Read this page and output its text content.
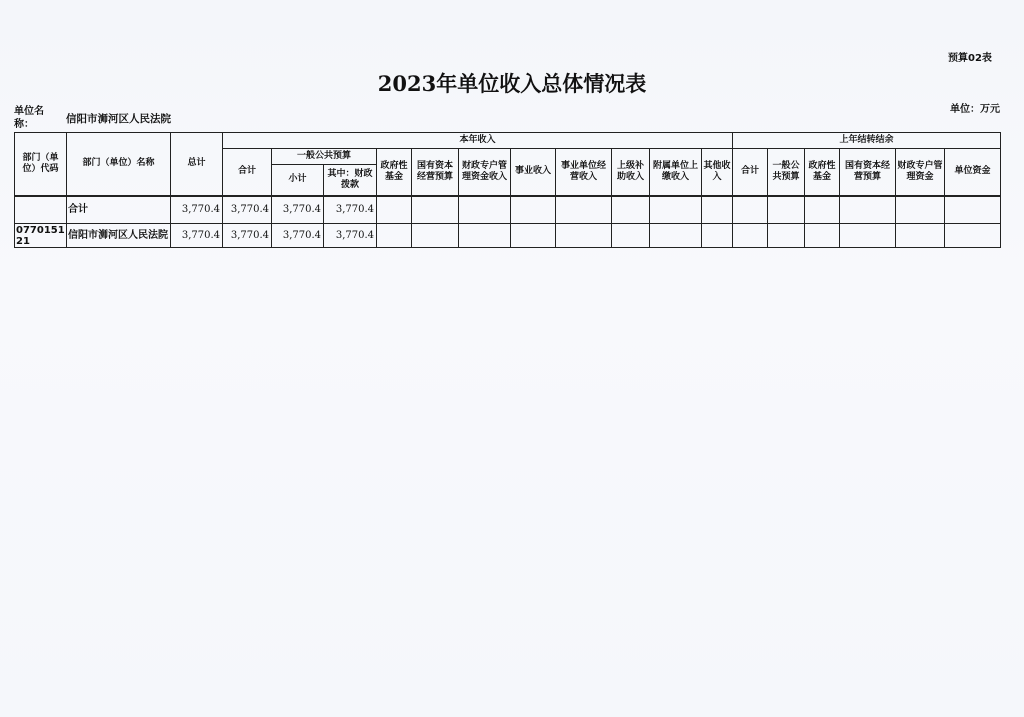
预算02表
2023年单位收入总体情况表
单位名称：	信阳市浉河区人民法院
单位：万元
部门（单位）代码	部门（单位）名称	总计	本年收入											上年结转结余					
			合计	一般公共预算		政府性基金	国有资本经营预算	财政专户管理资金收入	事业收入	事业单位经营收入	上级补助收入	附属单位上缴收入	其他收入	合计	一般公共预算	政府性基金	国有资本经营预算	财政专户管理资金	单位资金
				小计	其中：财政拨款														
	合计	3,770.4	3,770.4	3,770.4	3,770.4														
077015121	信阳市浉河区人民法院	3,770.4	3,770.4	3,770.4	3,770.4														
